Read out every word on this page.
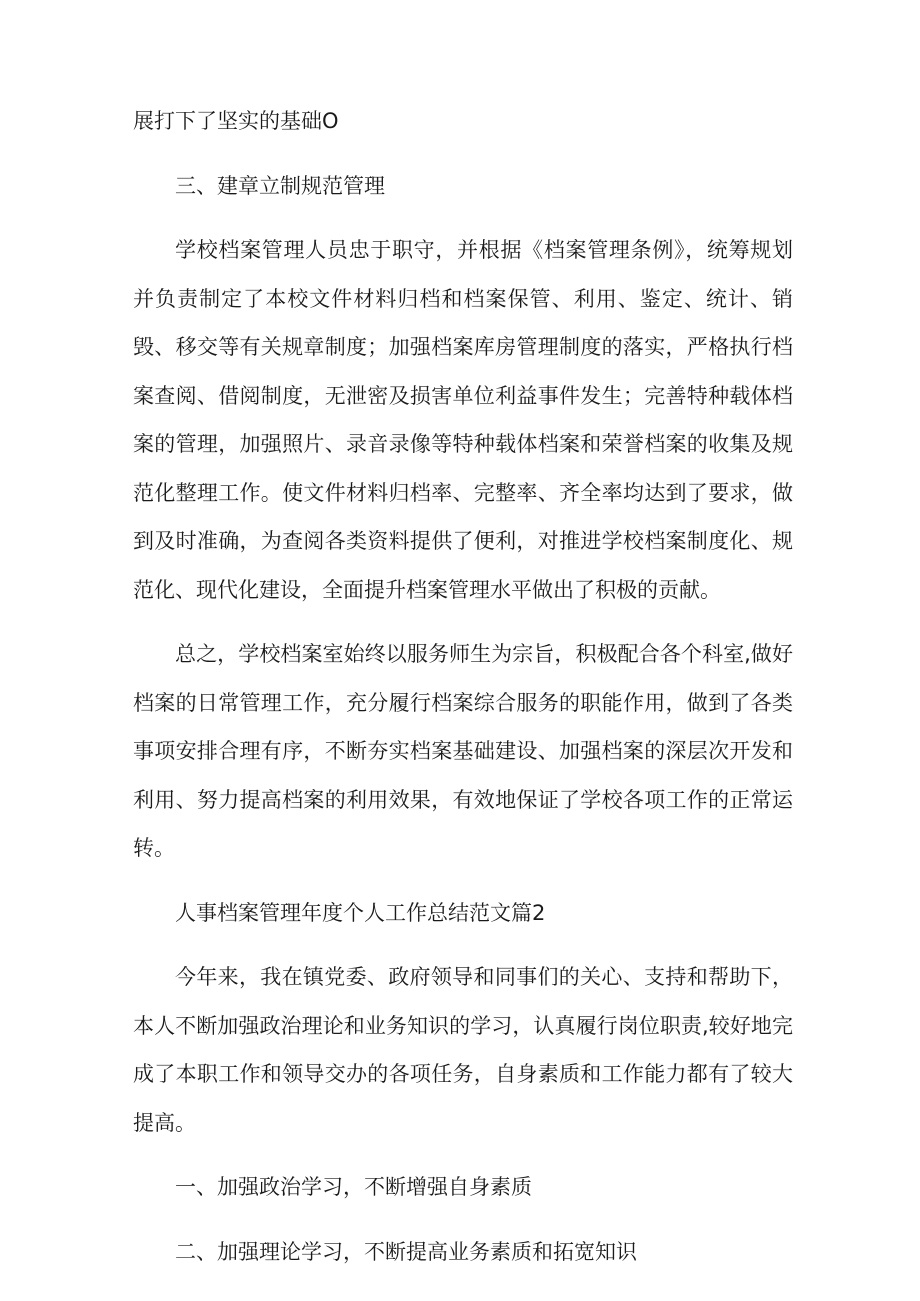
展打下了坚实的基础O

三、建章立制规范管理

学校档案管理人员忠于职守，并根据《档案管理条例》，统筹规划并负责制定了本校文件材料归档和档案保管、利用、鉴定、统计、销毁、移交等有关规章制度；加强档案库房管理制度的落实，严格执行档案查阅、借阅制度，无泄密及损害单位利益事件发生；完善特种载体档案的管理，加强照片、录音录像等特种载体档案和荣誉档案的收集及规范化整理工作。使文件材料归档率、完整率、齐全率均达到了要求，做到及时准确，为查阅各类资料提供了便利，对推进学校档案制度化、规范化、现代化建设，全面提升档案管理水平做出了积极的贡献。

总之，学校档案室始终以服务师生为宗旨，积极配合各个科室,做好档案的日常管理工作，充分履行档案综合服务的职能作用，做到了各类事项安排合理有序，不断夯实档案基础建设、加强档案的深层次开发和利用、努力提高档案的利用效果，有效地保证了学校各项工作的正常运转。

人事档案管理年度个人工作总结范文篇2

今年来，我在镇党委、政府领导和同事们的关心、支持和帮助下，本人不断加强政治理论和业务知识的学习，认真履行岗位职责,较好地完成了本职工作和领导交办的各项任务，自身素质和工作能力都有了较大提高。

一、加强政治学习，不断增强自身素质

二、加强理论学习，不断提高业务素质和拓宽知识
